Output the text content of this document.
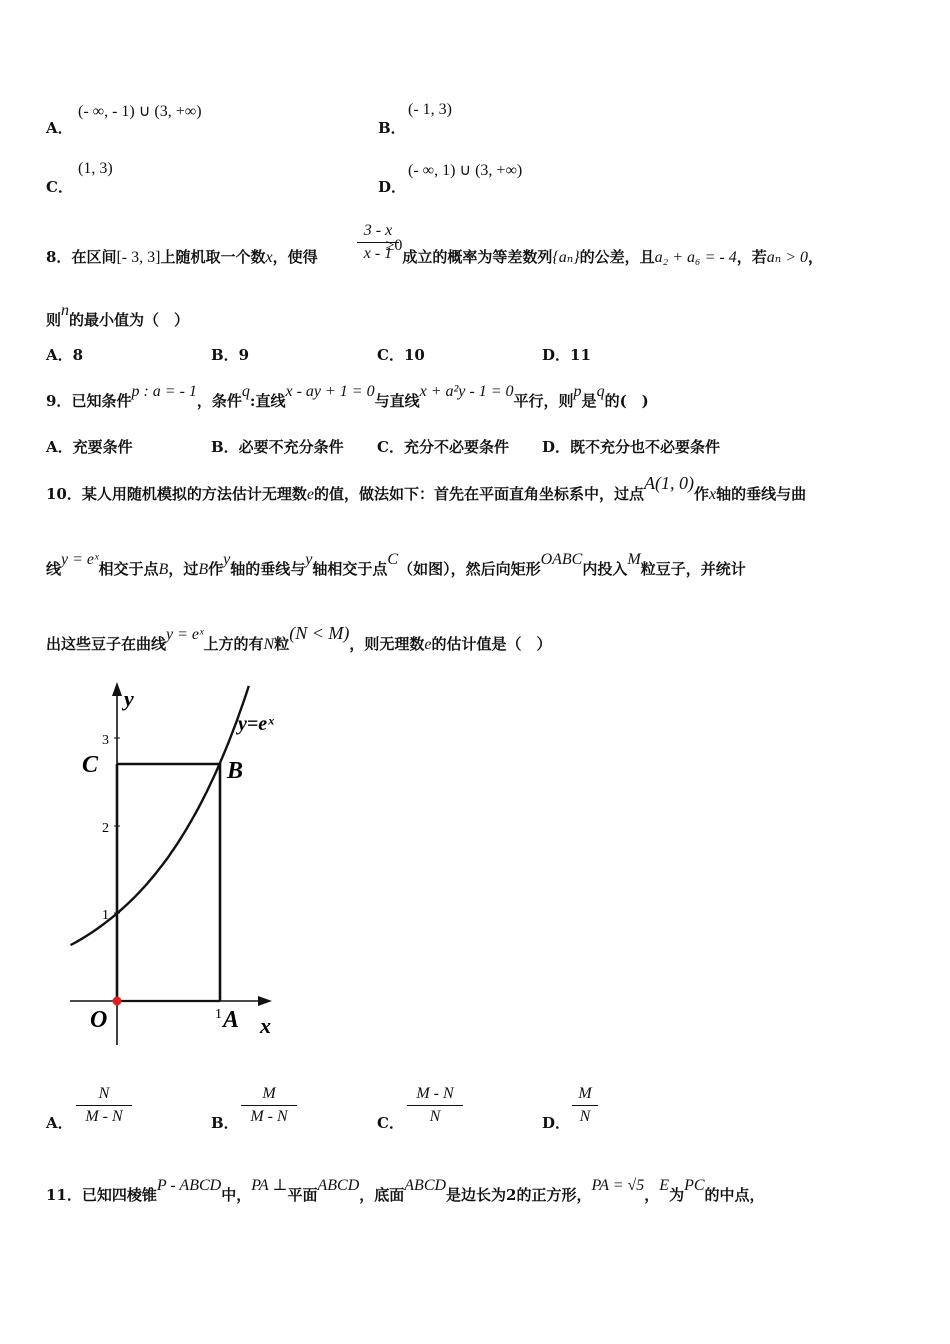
A．
(- ∞, - 1) ∪ (3, +∞)
B．
(- 1, 3)
C．
(1, 3)
D．
(- ∞, 1) ∪ (3, +∞)
8．在区间[- 3, 3]上随机取一个数x，使得≥0成立的概率为等差数列{aₙ}的公差，且a₂ + a₆ = - 4，若aₙ > 0，
3 - x
x - 1
则n的最小值为（　）
A．8	B．9	C．10	D．11
9．已知条件p : a = - 1，条件q:直线x - ay + 1 = 0与直线x + a²y - 1 = 0平行，则p是q的(　)
A．充要条件	B．必要不充分条件 C．充分不必要条件 D．既不充分也不必要条件
10．某人用随机模拟的方法估计无理数e的值，做法如下：首先在平面直角坐标系中，过点A(1, 0)作x轴的垂线与曲
线y = eˣ相交于点B，过B作y轴的垂线与y轴相交于点C（如图），然后向矩形OABC内投入M粒豆子，并统计
出这些豆子在曲线y = eˣ上方的有N粒(N < M)，则无理数e的估计值是（　）
y
x
y=eˣ
3
2
1
1
C	B
O	A
A．
N
M - N	B．
M
M - N	C．
M - N
N	D．
M
N
11．已知四棱锥P - ABCD中，PA ⊥平面ABCD，底面ABCD是边长为2的正方形，PA = √5，E为PC的中点，
